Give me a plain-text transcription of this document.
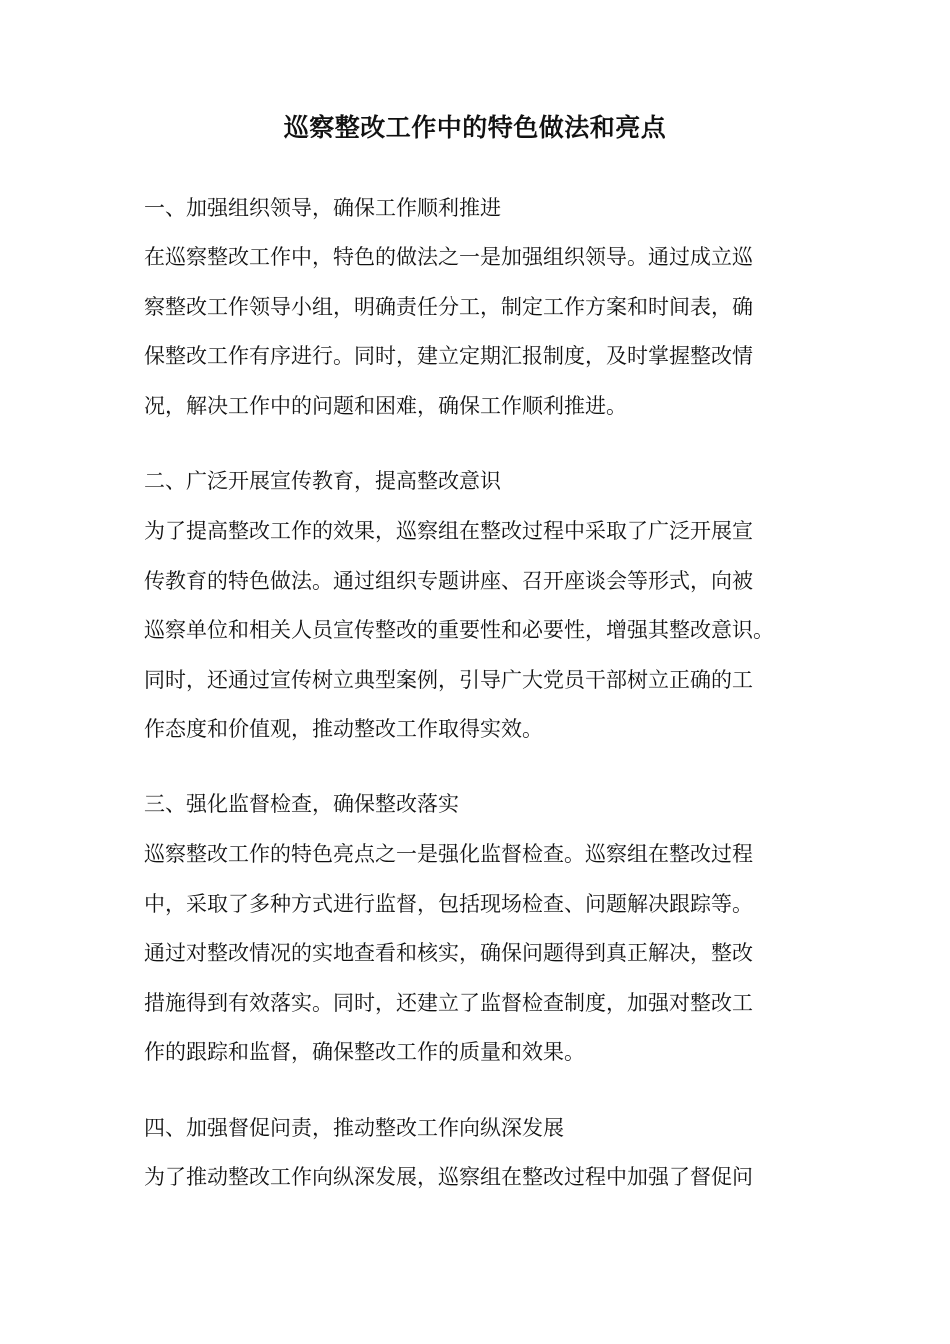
巡察整改工作中的特色做法和亮点
一、加强组织领导，确保工作顺利推进
在巡察整改工作中，特色的做法之一是加强组织领导。通过成立巡
察整改工作领导小组，明确责任分工，制定工作方案和时间表，确
保整改工作有序进行。同时，建立定期汇报制度，及时掌握整改情
况，解决工作中的问题和困难，确保工作顺利推进。
二、广泛开展宣传教育，提高整改意识
为了提高整改工作的效果，巡察组在整改过程中采取了广泛开展宣
传教育的特色做法。通过组织专题讲座、召开座谈会等形式，向被
巡察单位和相关人员宣传整改的重要性和必要性，增强其整改意识。
同时，还通过宣传树立典型案例，引导广大党员干部树立正确的工
作态度和价值观，推动整改工作取得实效。
三、强化监督检查，确保整改落实
巡察整改工作的特色亮点之一是强化监督检查。巡察组在整改过程
中，采取了多种方式进行监督，包括现场检查、问题解决跟踪等。
通过对整改情况的实地查看和核实，确保问题得到真正解决，整改
措施得到有效落实。同时，还建立了监督检查制度，加强对整改工
作的跟踪和监督，确保整改工作的质量和效果。
四、加强督促问责，推动整改工作向纵深发展
为了推动整改工作向纵深发展，巡察组在整改过程中加强了督促问
